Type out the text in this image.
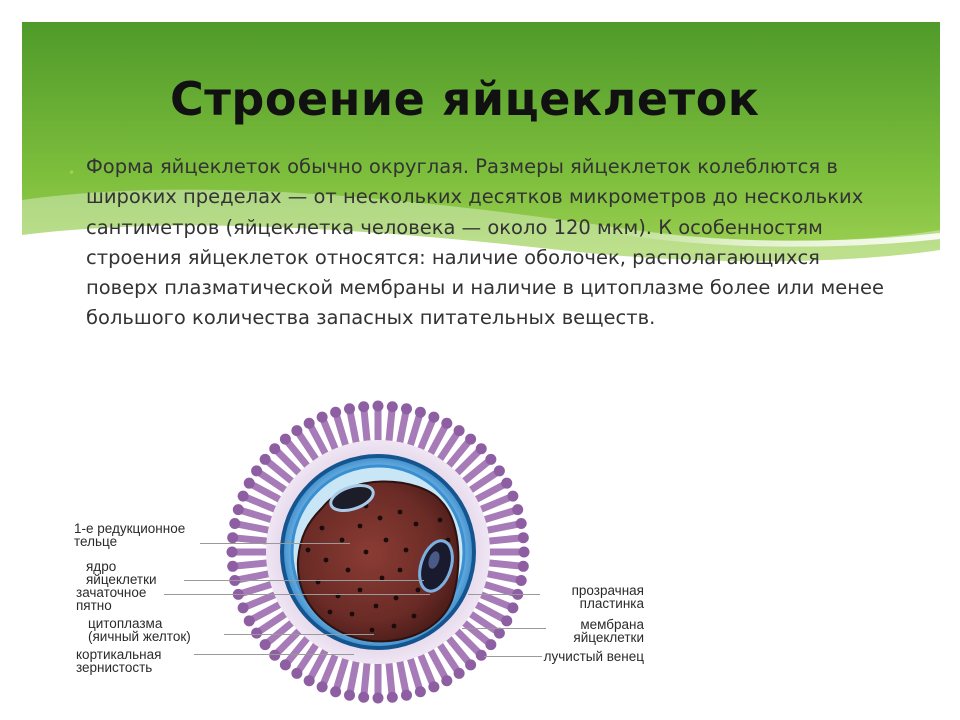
Строение яйцеклеток
• Форма яйцеклеток обычно округлая. Размеры яйцеклеток колеблются в широких пределах — от нескольких десятков микрометров до нескольких сантиметров (яйцеклетка человека — около 120 мкм). К особенностям строения яйцеклеток относятся: наличие оболочек, располагающихся поверх плазматической мембраны и наличие в цитоплазме более или менее большого количества запасных питательных веществ.

1-е редукционное
тельце
ядро
яйцеклетки
зачаточное
пятно
цитоплазма
(яичный желток)
кортикальная
зернистость
прозрачная
пластинка
мембрана
яйцеклетки
лучистый венец
